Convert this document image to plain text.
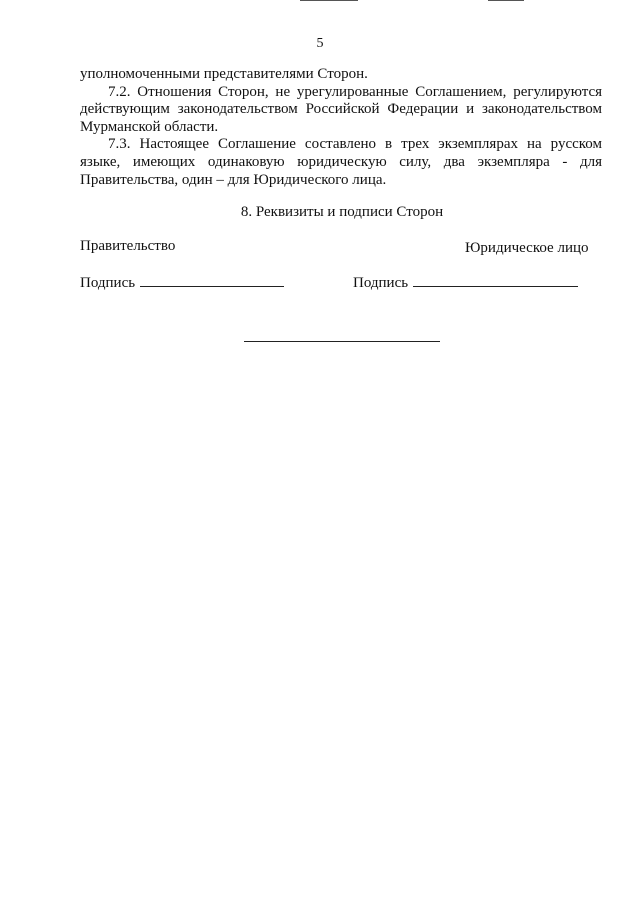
5

уполномоченными представителями Сторон.

7.2. Отношения Сторон, не урегулированные Соглашением, регулируются действующим законодательством Российской Федерации и законодательством Мурманской области.

7.3. Настоящее Соглашение составлено в трех экземплярах на русском языке, имеющих одинаковую юридическую силу, два экземпляра - для Правительства, один – для Юридического лица.

8. Реквизиты и подписи Сторон
Правительство	Юридическое лицо
Подпись	Подпись
